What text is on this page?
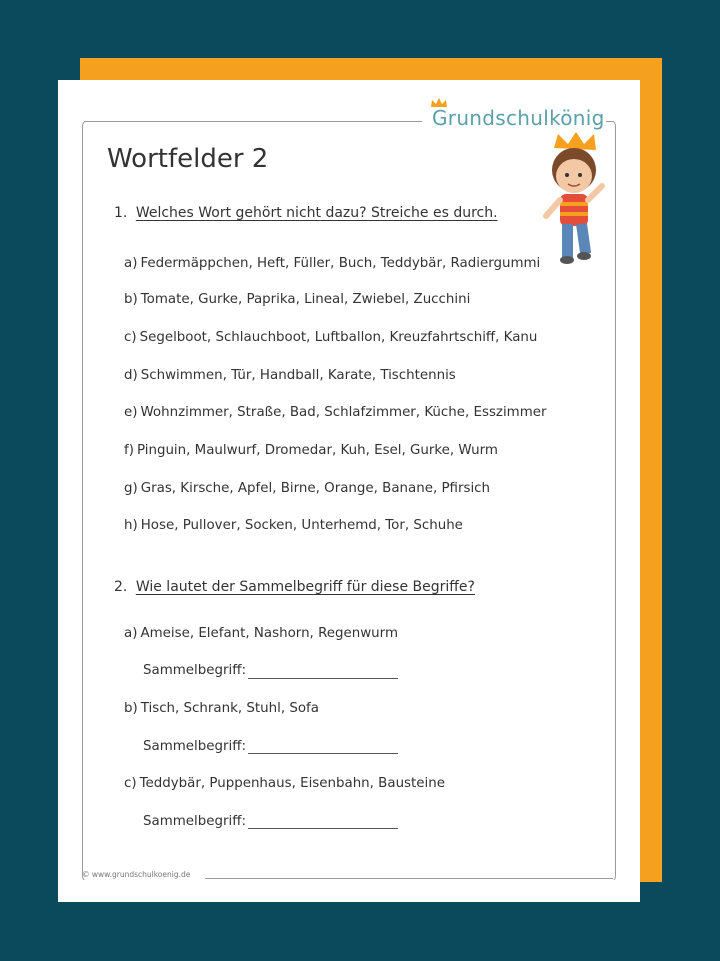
Grundschulkönig
Wortfelder 2
1. Welches Wort gehört nicht dazu? Streiche es durch.
a) Federmäppchen, Heft, Füller, Buch, Teddybär, Radiergummi
b) Tomate, Gurke, Paprika, Lineal, Zwiebel, Zucchini
c) Segelboot, Schlauchboot, Luftballon, Kreuzfahrtschiff, Kanu
d) Schwimmen, Tür, Handball, Karate, Tischtennis
e) Wohnzimmer, Straße, Bad, Schlafzimmer, Küche, Esszimmer
f) Pinguin, Maulwurf, Dromedar, Kuh, Esel, Gurke, Wurm
g) Gras, Kirsche, Apfel, Birne, Orange, Banane, Pfirsich
h) Hose, Pullover, Socken, Unterhemd, Tor, Schuhe
2. Wie lautet der Sammelbegriff für diese Begriffe?
a) Ameise, Elefant, Nashorn, Regenwurm
Sammelbegriff:
b) Tisch, Schrank, Stuhl, Sofa
Sammelbegriff:
c) Teddybär, Puppenhaus, Eisenbahn, Bausteine
Sammelbegriff:
© www.grundschulkoenig.de
